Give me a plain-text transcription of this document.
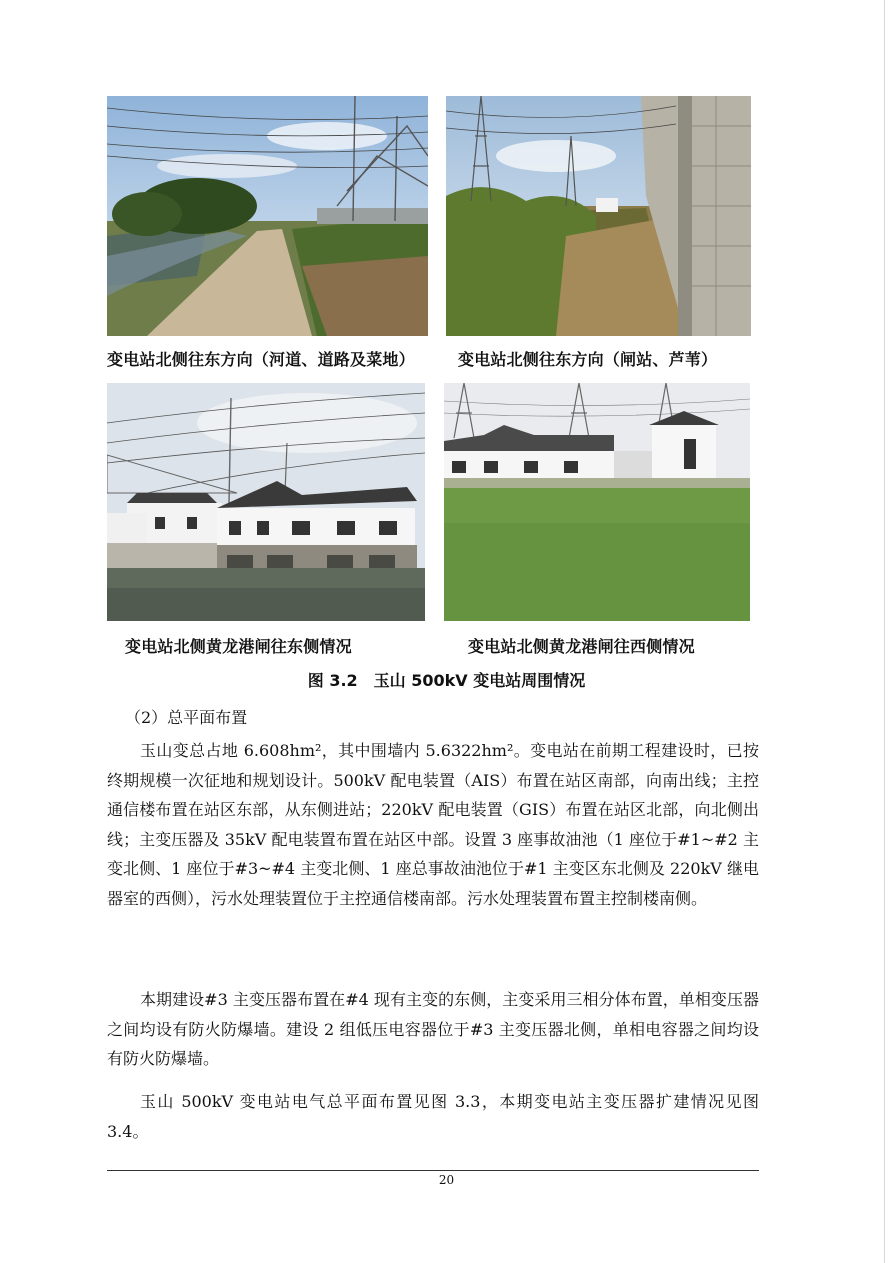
变电站北侧往东方向（河道、道路及菜地）	变电站北侧往东方向（闸站、芦苇）
变电站北侧黄龙港闸往东侧情况	变电站北侧黄龙港闸往西侧情况
图 3.2　玉山 500kV 变电站周围情况
（2）总平面布置

玉山变总占地 6.608hm²，其中围墙内 5.6322hm²。变电站在前期工程建设时，已按终期规模一次征地和规划设计。500kV 配电装置（AIS）布置在站区南部，向南出线；主控通信楼布置在站区东部，从东侧进站；220kV 配电装置（GIS）布置在站区北部，向北侧出线；主变压器及 35kV 配电装置布置在站区中部。设置 3 座事故油池（1 座位于#1~#2 主变北侧、1 座位于#3~#4 主变北侧、1 座总事故油池位于#1 主变区东北侧及 220kV 继电器室的西侧），污水处理装置位于主控通信楼南部。污水处理装置布置主控制楼南侧。

本期建设#3 主变压器布置在#4 现有主变的东侧，主变采用三相分体布置，单相变压器之间均设有防火防爆墙。建设 2 组低压电容器位于#3 主变压器北侧，单相电容器之间均设有防火防爆墙。

玉山 500kV 变电站电气总平面布置见图 3.3，本期变电站主变压器扩建情况见图 3.4。

20
